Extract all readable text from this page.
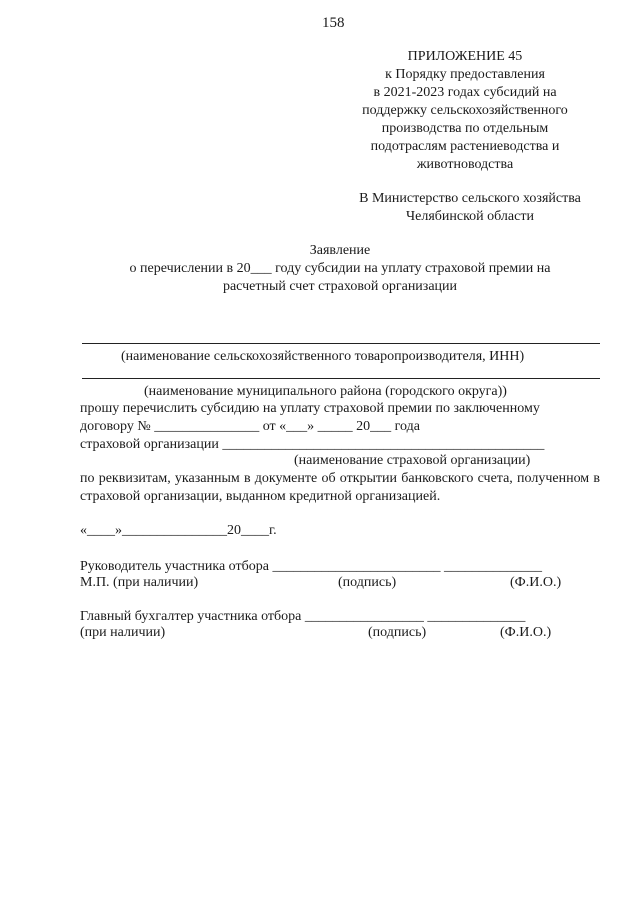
158
ПРИЛОЖЕНИЕ 45
к Порядку предоставления
в 2021-2023 годах субсидий на
поддержку сельскохозяйственного
производства по отдельным
подотраслям растениеводства и
животноводства
В Министерство сельского хозяйства
Челябинской области
Заявление
о перечислении в 20___ году субсидии на уплату страховой премии на
расчетный счет страховой организации
(наименование сельскохозяйственного товаропроизводителя, ИНН)
(наименование муниципального района (городского округа))
прошу перечислить субсидию на уплату страховой премии по заключенному
договору № _______________ от «___» _____ 20___ года
страховой организации ______________________________________________
(наименование страховой организации)
по реквизитам, указанным в документе об открытии банковского счета, полученном в страховой организации, выданном кредитной организацией.
«____»_______________20____г.
Руководитель участника отбора ________________________ ______________
М.П. (при наличии)	(подпись)	(Ф.И.О.)
Главный бухгалтер участника отбора _________________ ______________
(при наличии)	(подпись)	(Ф.И.О.)
